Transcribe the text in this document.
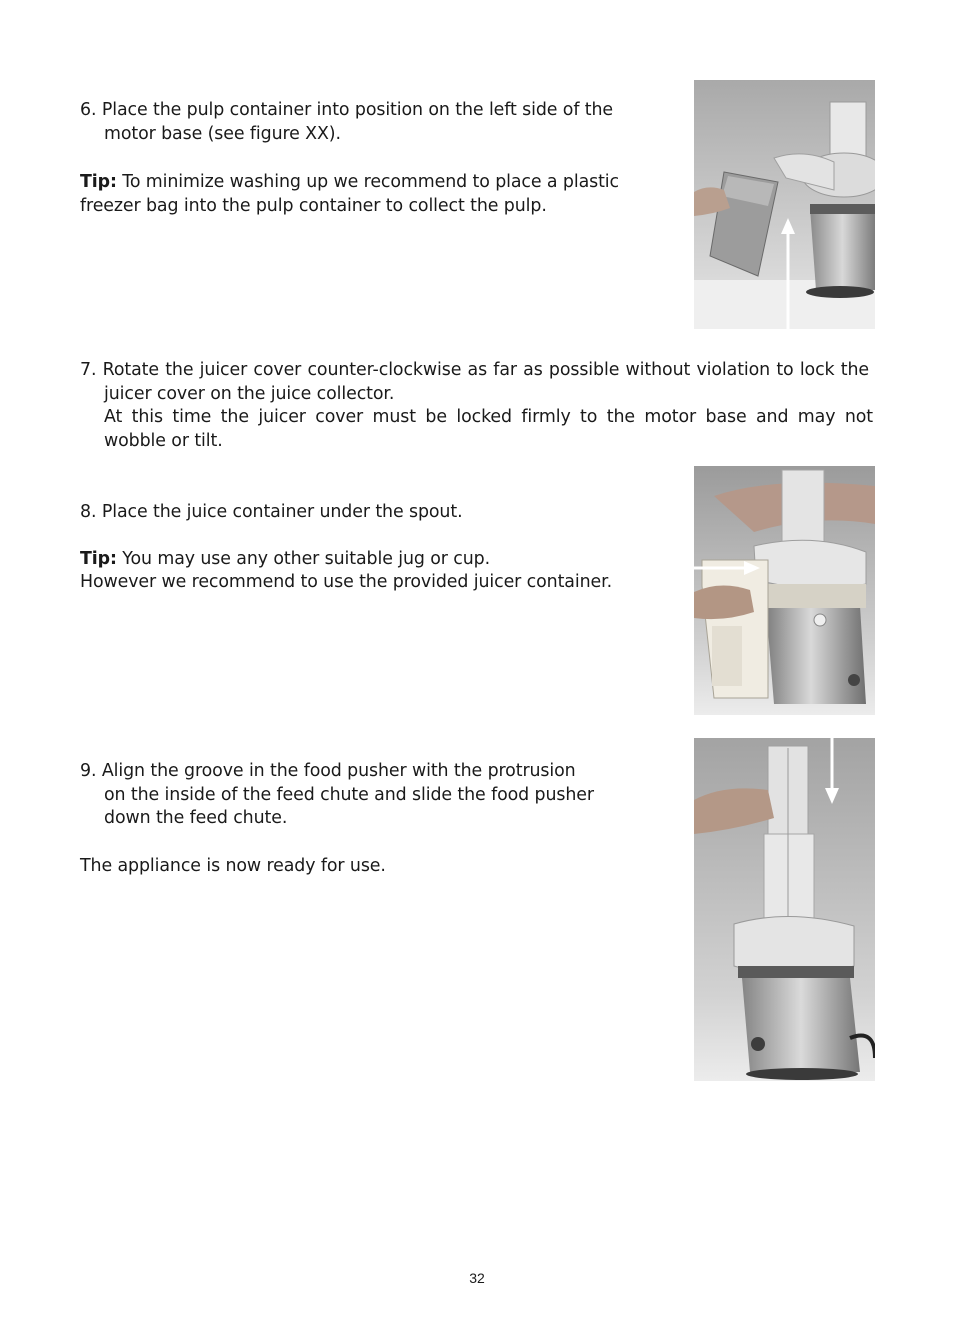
6. Place the pulp container into position on the left side of the
motor base (see figure XX).
Tip: To minimize washing up we recommend to place a plastic
freezer bag into the pulp container to collect the pulp.
7. Rotate the juicer cover counter-clockwise as far as possible without violation to lock the
juicer cover on the juice collector.
At this time the juicer cover must be locked firmly to the motor base and may not
wobble or tilt.
8. Place the juice container under the spout.
Tip: You may use any other suitable jug or cup.
However we recommend to use the provided juicer container.
9. Align the groove in the food pusher with the protrusion
on the inside of the feed chute and slide the food pusher
down the feed chute.
The appliance is now ready for use.
32
